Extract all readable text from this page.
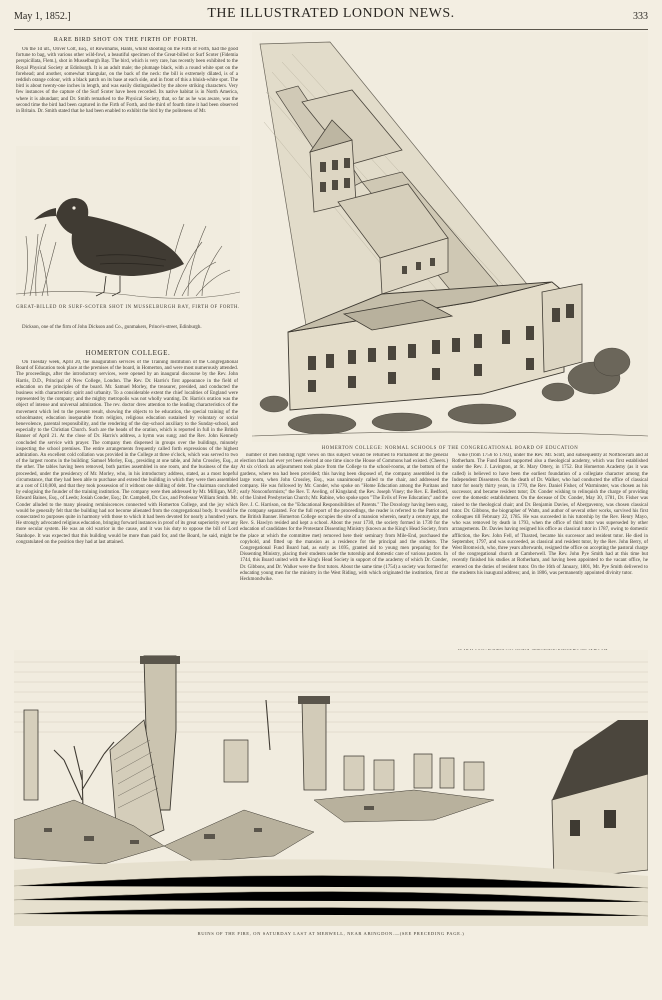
May 1, 1852.]	THE ILLUSTRATED LONDON NEWS.	333
RARE BIRD SHOT ON THE FIRTH OF FORTH.

On the 1d ult., Oliver Colt, Esq., of Rownhams, Hants, whilst shooting on the Firth of Forth, had the good fortune to bag, with various other wild-fowl, a beautiful specimen of the Great-billed or Surf Scoter (Fidemia perspicillata, Flem.), shot in Musselburgh Bay. The bird, which is very rare, has recently been exhibited to the Royal Physical Society at Edinburgh. It is an adult male; the plumage black, with a round white spot on the forehead; and another, somewhat triangular, on the back of the neck: the bill is extremely dilated, is of a reddish orange colour, with a black patch on its base at each side, and in front of this a bluish-white spot. The bird is about twenty-one inches in length, and was easily distinguished by the above striking characters. Very few instances of the capture of the Surf Scoter have been recorded. Its native habitat is in North America, where it is abundant; and Dr. Smith remarked to the Physical Society, that, so far as he was aware, was the second time the bird had been captured in the Firth of Forth, and the third of fourth time it had been observed in Britain. Dr. Smith stated that he had been enabled to exhibit the bird by the politeness of Mr.

GREAT-BILLED OR SURF-SCOTER SHOT IN MUSSELBURGH BAY, FIRTH OF FORTH.
Dickson, one of the firm of John Dickson and Co., gunmakers, Prince's-street, Edinburgh.
HOMERTON COLLEGE: NORMAL SCHOOLS OF THE CONGREGATIONAL BOARD OF EDUCATION
HOMERTON COLLEGE.

On Tuesday week, April 20, the inauguration services of the Training Institution of the Congregational Board of Education took place at the premises of the board, in Homerton, and were most numerously attended. The proceedings, after the introductory services, were opened by an inaugural discourse by the Rev. John Harris, D.D., Principal of New College, London. The Rev. Dr. Harris's first appearance in the field of education on the principles of the board. Mr. Samuel Morley, the treasurer, presided, and conducted the business with characteristic spirit and urbanity. To a considerable extent the chief localities of England were represented by the company; and the mighty metropolis was not wholly wanting. Dr. Harris's oration was the object of intense and universal admiration. The rev. doctor drew attention to the leading characteristics of the movement which led to the present result, showing the objects to be education, the special training of the schoolmaster, education inseparable from religion, religious education sustained by voluntary or social benevolence, parental responsibility, and the rendering of the day-school auxiliary to the Sunday-school, and especially to the Christian Church. Such are the heads of the oration, which is reported in full in the British Banner of April 21. At the close of Dr. Harris's address, a hymn was sung; and the Rev. John Kennedy concluded the service with prayer. The company then dispersed in groups over the buildings, minutely inspecting the school premises. The entire arrangements frequently called forth expressions of the highest admiration. An excellent cold collation was provided in the College at three o'clock, which was served to two of the largest rooms in the building; Samuel Morley, Esq., presiding at one table, and John Crossley, Esq., at the other. The tables having been removed, both parties assembled in one room, and the business of the day proceeded, under the presidency of Mr. Morley, who, in his introductory address, stated, as a most hopeful circumstance, that they had been able to purchase and extend the building in which they were then assembled at a cost of £10,000, and that they took possession of it without one shilling of debt. The chairman concluded by eulogising the founder of the training institution. The company were then addressed by Mr. Milligan, M.P.; Edward Baines, Esq., of Leeds; Josiah Conder, Esq.; Dr. Campbell, Dr. Cox, and Professor William Smith. Mr. Conder alluded to the many pleasing reminiscences connected with Homerton College, and the joy which would be generally felt that the building had not become alienated from the congregational body. It would be consecrated to purposes quite in harmony with those to which it had been devoted for nearly a hundred years. He strongly advocated religious education, bringing forward instances in proof of its great superiority over any more secular system. He was an old warrior in the cause, and it was his duty to oppose the bill of Lord Stanhope. It was expected that this building would be more than paid for, and the Board, he said, might be congratulated on the position they had at last attained.

number of men holding right views on this subject would be returned to Parliament at the general election than had ever yet been elected at one time since the House of Commons had existed. (Cheers.) At six o'clock an adjournment took place from the College to the school-rooms, at the bottom of the gardens, where tea had been provided; this having been disposed of, the company assembled in the large room, when John Crossley, Esq., was unanimously called to the chair, and addressed the company. He was followed by Mr. Conder, who spoke on "Home Education among the Puritans and early Nonconformists;" the Rev. T. Aveling, of Kingsland; the Rev. Joseph Viney; the Rev. E. Bedford, of the United Presbyterian Church; Mr. Rabine, who spoke upon "The Evils of Free Education;" and the Rev. J. C. Harrison, on the "Educational Responsibilities of Parents." The Doxology having been sung, the company separated. For the full report of the proceedings, the reader is referred to the Patriot and the British Banner. Homerton College occupies the site of a mansion wherein, nearly a century ago, the Rev. S. Hawlyn resided and kept a school. About the year 1730, the society formed in 1730 for the education of candidates for the Protestant Dissenting Ministry (known as the King's Head Society, from the place at which the committee met) removed here their seminary from Mile-End, purchased the copyhold, and fitted up the mansion as a residence for the principal and the students. The Congregational Fund Board had, as early as 1695, granted aid to young men preparing for the Dissenting Ministry, placing their students under the tutorship and domestic care of various pastors. In 1744, this Board united with the King's Head Society in support of the academy of which Dr. Conder, Dr. Gibbons, and Dr. Walker were the first tutors. About the same time (1754) a society was formed for educating young men for the ministry in the West Riding, with which originated the institution, first at Heckmondwike.

wike (from 1756 to 1783), under the Rev. Mr. Scott, and subsequently at Northowram and at Rotherham. The Fund Board supported also a theological academy, which was first established under the Rev. J. Lavington, at St. Mary Ottery, in 1752. But Homerton Academy (as it was called) is believed to have been the earliest foundation of a collegiate character among the Independent Dissenters. On the death of Dr. Walker, who had conducted the office of classical tutor for nearly thirty years, in 1770, the Rev. Daniel Fisher, of Warminster, was chosen as his successor, and became resident tutor; Dr. Conder wishing to relinquish the charge of providing over the domestic establishment. On the decease of Dr. Conder, May 30, 1781, Dr. Fisher was raised to the theological chair; and Dr. Benjamin Davies, of Abergavenny, was chosen classical tutor. Dr. Gibbons, the biographer of Watts, and author of several other works, survived his first colleagues till February 22, 1785. He was succeeded in his tutorship by the Rev. Henry Mayo, who was removed by death in 1793, when the office of third tutor was superseded by other arrangements. Dr. Davies having resigned his office as classical tutor in 1787, owing to domestic affliction, the Rev. John Fell, of Thaxted, became his successor and resident tutor. He died in September, 1797, and was succeeded, as classical and resident tutor, by the Rev. John Berry, of West Bromwich, who, three years afterwards, resigned the office on accepting the pastoral charge of the congregational church at Camberwell. The Rev. John Pye Smith had at this time but recently finished his studies at Rotherham, and having been appointed to the vacant office, he entered on the duties of resident tutor. On the 16th of January, 1801, Mr. Pye Smith delivered to the students his inaugural address; and, in 1806, was permanently appointed divinity tutor.

RUINS OF THE FIRE, ON SATURDAY LAST AT MERWELL, NEAR ABINGDON.—(SEE PRECEDING PAGE.)
